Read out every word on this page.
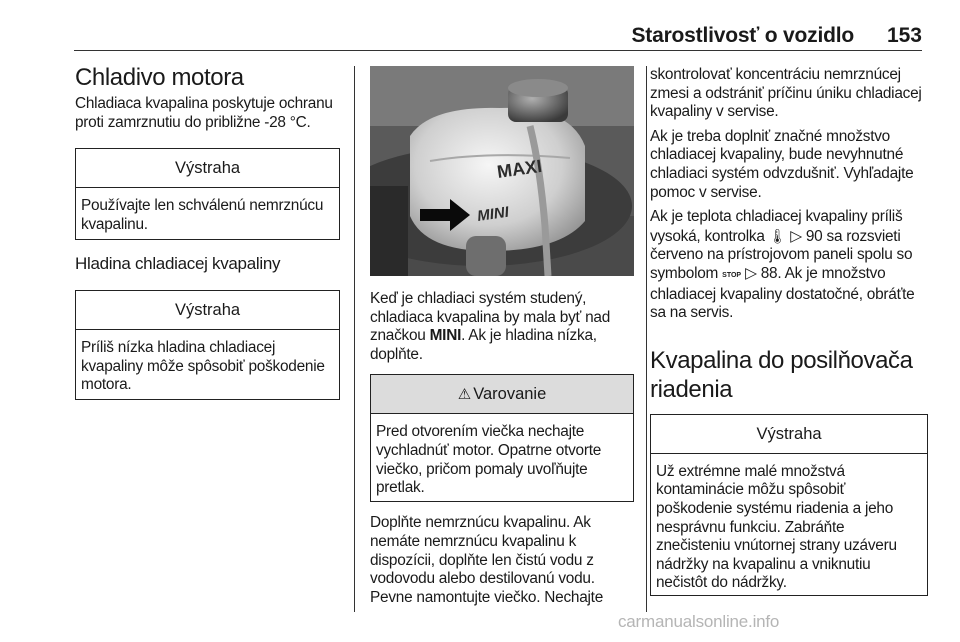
Starostlivosť o vozidlo 153
Chladivo motora

Chladiaca kvapalina poskytuje ochranu proti zamrznutiu do približne -28 °C.

Výstraha

Používajte len schválenú nemrznúcu kvapalinu.

Hladina chladiacej kvapaliny
Výstraha

Príliš nízka hladina chladiacej kvapaliny môže spôsobiť poškodenie motora.

MAXI
MINI

Keď je chladiaci systém studený, chladiaca kvapalina by mala byť nad značkou MINI. Ak je hladina nízka, doplňte.

⚠ Varovanie

Pred otvorením viečka nechajte vychladnúť motor. Opatrne otvorte viečko, pričom pomaly uvoľňujte pretlak.

Doplňte nemrznúcu kvapalinu. Ak nemáte nemrznúcu kvapalinu k dispozícii, doplňte len čistú vodu z vodovodu alebo destilovanú vodu. Pevne namontujte viečko. Nechajte

skontrolovať koncentráciu nemrznúcej zmesi a odstrániť príčinu úniku chladiacej kvapaliny v servise.

Ak je treba doplniť značné množstvo chladiacej kvapaliny, bude nevyhnutné chladiaci systém odvzdušniť. Vyhľadajte pomoc v servise.

Ak je teplota chladiacej kvapaliny príliš vysoká, kontrolka 🌡 ▷ 90 sa rozsvieti červeno na prístrojovom paneli spolu so symbolom STOP ▷ 88. Ak je množstvo chladiacej kvapaliny dostatočné, obráťte sa na servis.

Kvapalina do posilňovača riadenia
Výstraha

Už extrémne malé množstvá kontaminácie môžu spôsobiť poškodenie systému riadenia a jeho nesprávnu funkciu. Zabráňte znečisteniu vnútornej strany uzáveru nádržky na kvapalinu a vniknutiu nečistôt do nádržky.

carmanualsonline.info
